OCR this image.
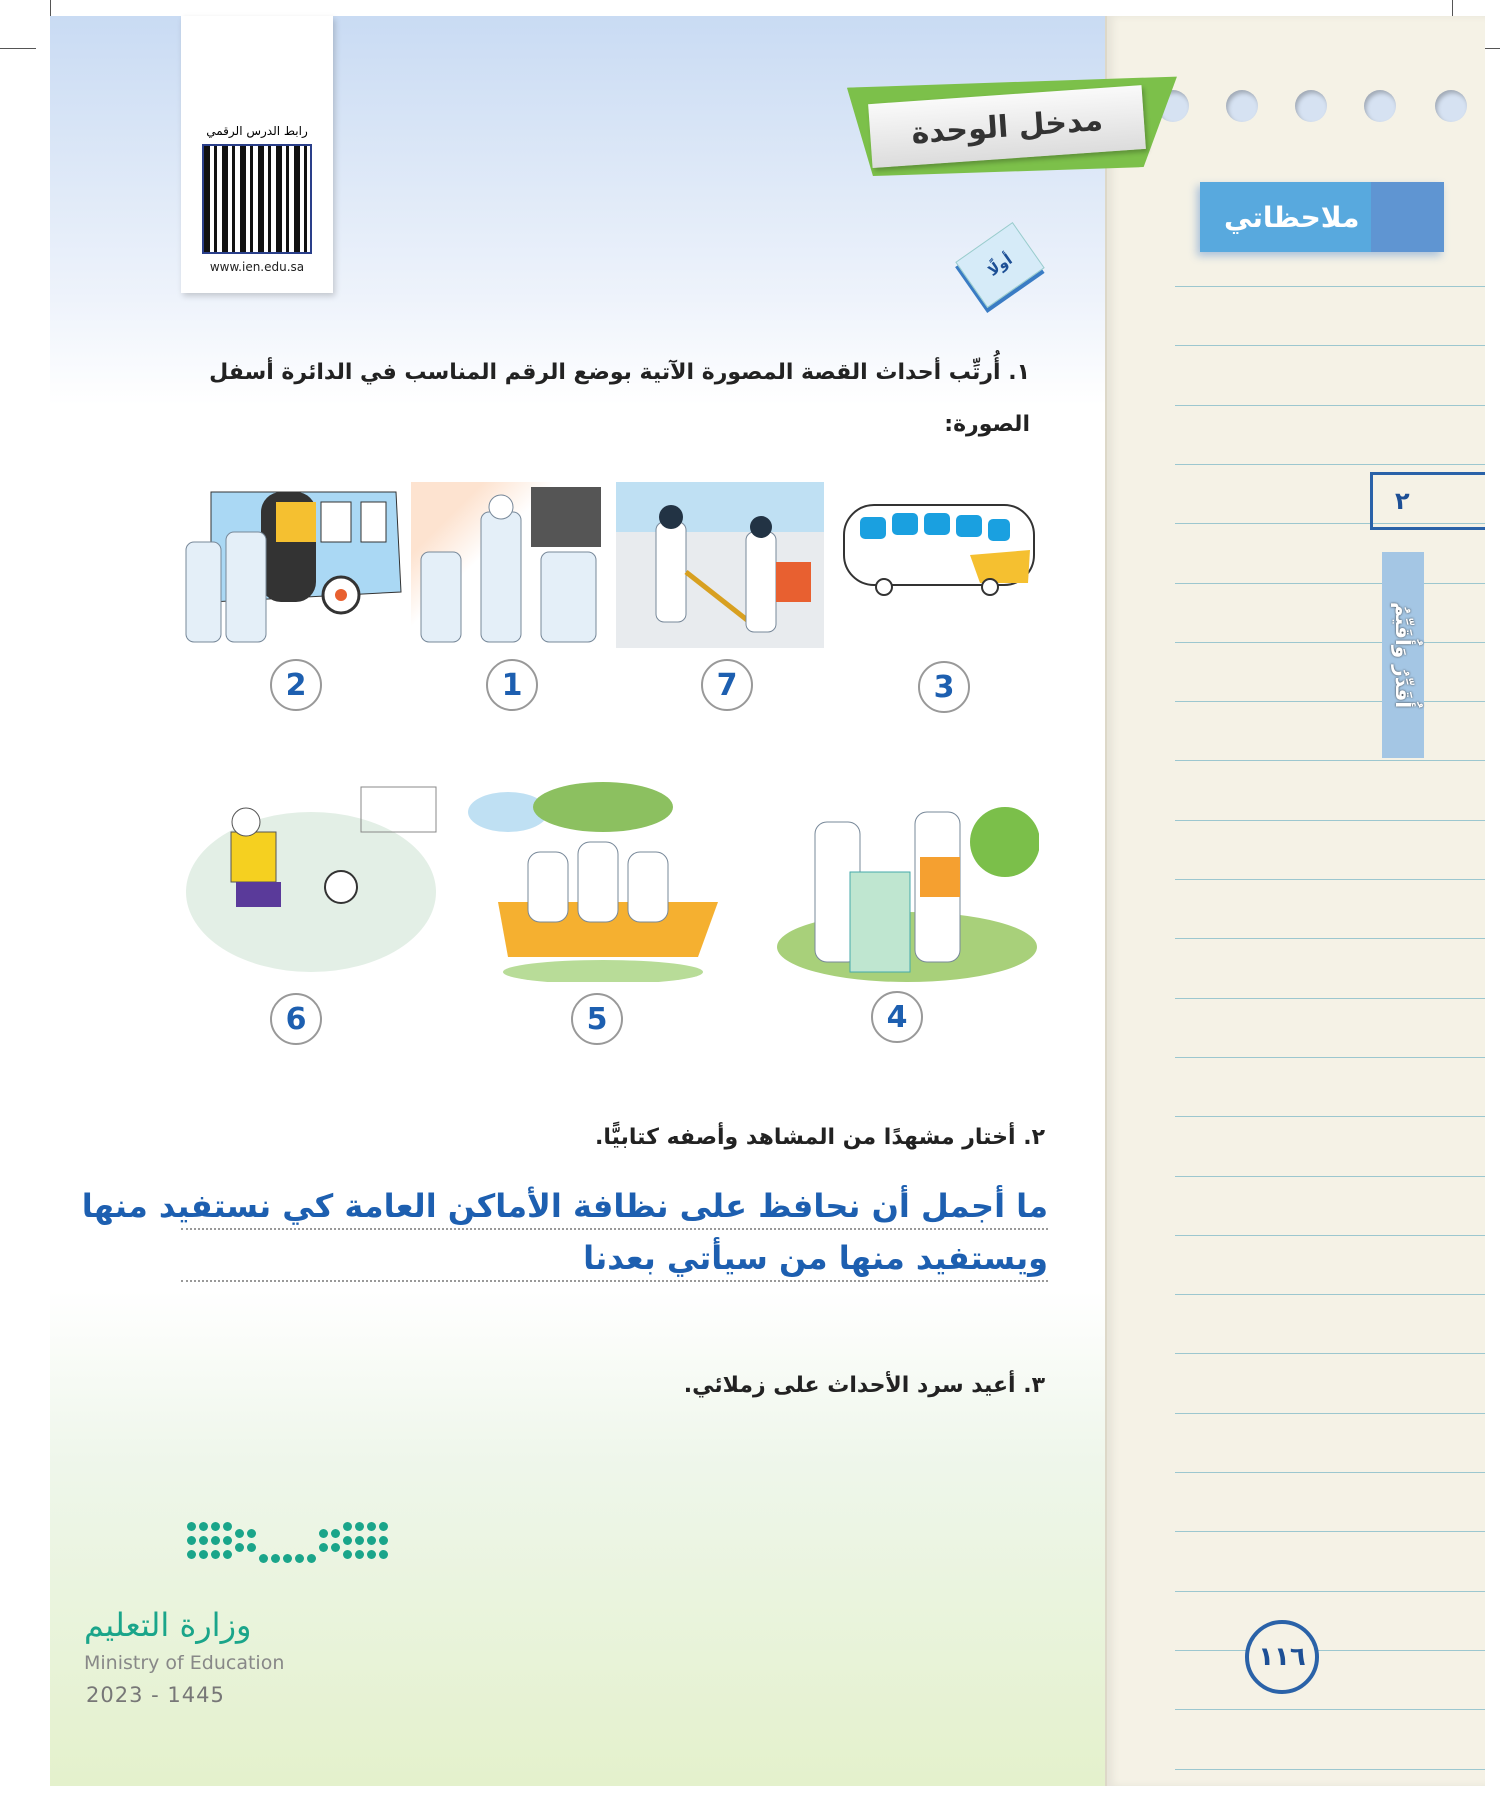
رابط الدرس الرقمي
www.ien.edu.sa
مدخل الوحدة
أولًا
ملاحظاتي
٢
أُقَدِّرُ وَأُقَيِّمُ
١١٦
١. أُرتِّب أحداث القصة المصورة الآتية بوضع الرقم المناسب في الدائرة أسفل
الصورة:
3
7
1
2
4
5
6
٢. أختار مشهدًا من المشاهد وأصفه كتابيًّا.
ما أجمل أن نحافظ على نظافة الأماكن العامة كي نستفيد منها
ويستفيد منها من سيأتي بعدنا
٣. أعيد سرد الأحداث على زملائي.
وزارة التعليم
Ministry of Education
2023 - 1445
